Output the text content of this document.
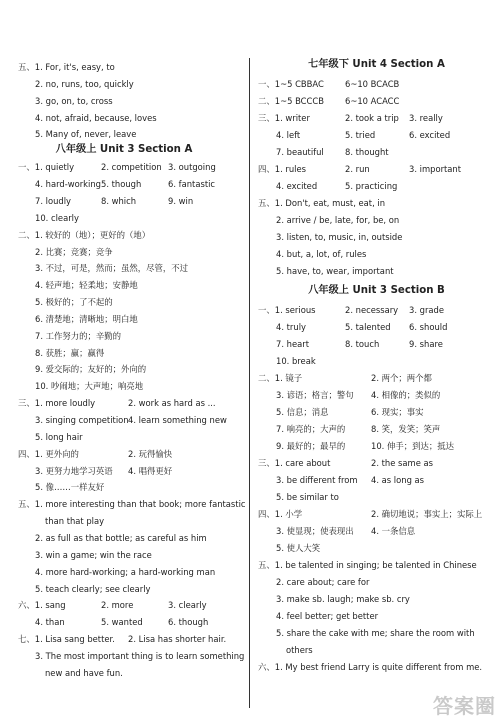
八年级上 Unit 3 Section A
五、1. For, it's, easy, to
2. no, runs, too, quickly
3. go, on, to, cross
4. not, afraid, because, loves
5. Many of, never, leave
一、1. quietly	2. competition 3. outgoing
4. hard-working 5. though	6. fantastic
7. loudly	8. which	9. win
10. clearly
二、1. 较好的（地）；更好的（地）
2. 比赛；竞赛；竞争
3. 不过，可是，然而；虽然，尽管，不过
4. 轻声地；轻柔地；安静地
5. 极好的；了不起的
6. 清楚地；清晰地；明白地
7. 工作努力的；辛勤的
8. 获胜；赢；赢得
9. 爱交际的；友好的；外向的
10. 吵闹地；大声地；响亮地
三、1. more loudly	2. work as hard as ...
3. singing competition 4. learn something new
5. long hair
四、1. 更外向的	2. 玩得愉快
3. 更努力地学习英语 4. 唱得更好
5. 像……一样友好
五、1. more interesting than that book; more fantastic
than that play
2. as full as that bottle; as careful as him
3. win a game; win the race
4. more hard-working; a hard-working man
5. teach clearly; see clearly
六、1. sang	2. more	3. clearly
4. than	5. wanted	6. though
七、1. Lisa sang better. 2. Lisa has shorter hair.
3. The most important thing is to learn something
new and have fun.
七年级下 Unit 4 Section A
八年级上 Unit 3 Section B
一、1~5 CBBAC	6~10 BCACB
二、1~5 BCCCB	6~10 ACACC
三、1. writer	2. took a trip 3. really
4. left	5. tried	6. excited
7. beautiful	8. thought
四、1. rules	2. run	3. important
4. excited	5. practicing
五、1. Don't, eat, must, eat, in
2. arrive / be, late, for, be, on
3. listen, to, music, in, outside
4. but, a, lot, of, rules
5. have, to, wear, important
一、1. serious	2. necessary 3. grade
4. truly	5. talented 6. should
7. heart	8. touch	9. share
10. break
二、1. 镜子	2. 两个；两个都
3. 谚语；格言；警句 4. 相像的；类似的
5. 信息；消息	6. 现实；事实
7. 响亮的；大声的	8. 笑，发笑；笑声
9. 最好的；最早的	10. 伸手；到达；抵达
三、1. care about	2. the same as
3. be different from 4. as long as
5. be similar to
四、1. 小学	2. 确切地说；事实上；实际上
3. 使显现；使表现出 4. 一条信息
5. 使人大笑
五、1. be talented in singing; be talented in Chinese
2. care about; care for
3. make sb. laugh; make sb. cry
4. feel better; get better
5. share the cake with me; share the room with
others
六、1. My best friend Larry is quite different from me.
答案圈
